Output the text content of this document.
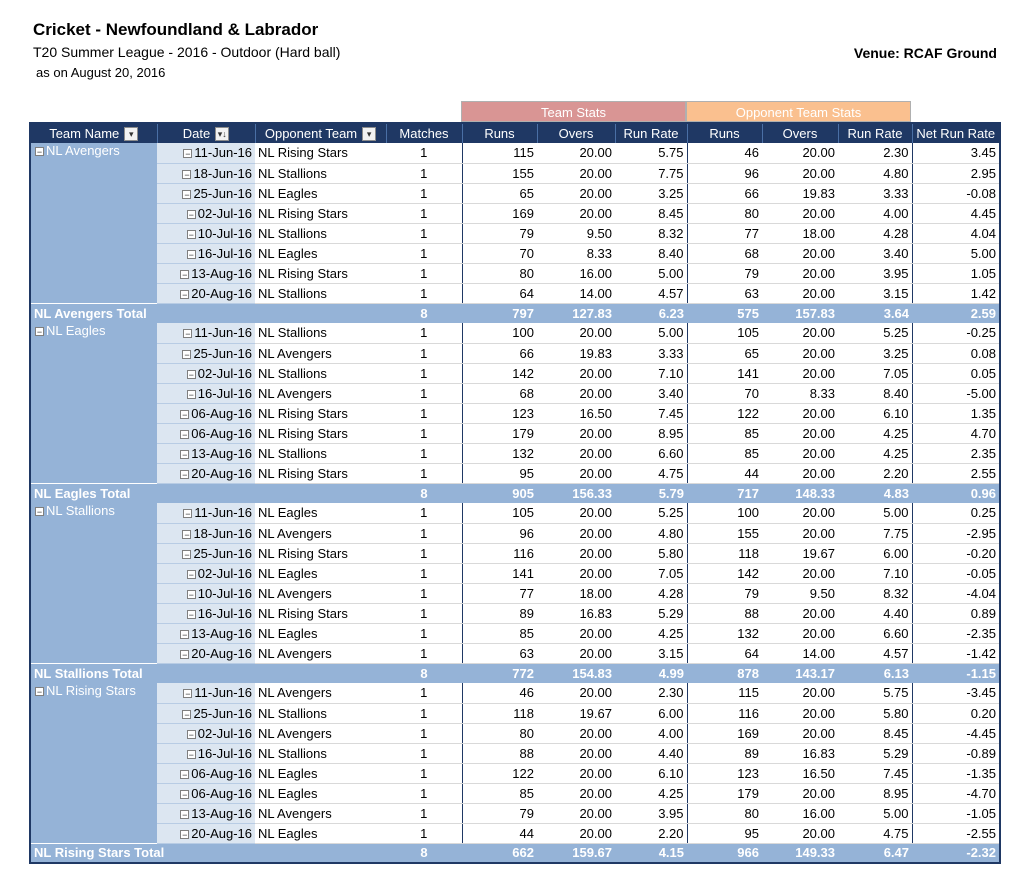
Cricket - Newfoundland & Labrador
T20 Summer League - 2016 - Outdoor (Hard ball)
as on August 20, 2016
Venue: RCAF Ground
Team Stats	Opponent Team Stats
Team Name ▾	Date ▾↓	Opponent Team ▾	Matches	Runs	Overs	Run Rate	Runs	Overs	Run Rate	Net Run Rate
− NL Avengers	− 11-Jun-16	NL Rising Stars	1	115	20.00	5.75	46	20.00	2.30	3.45
	− 18-Jun-16	NL Stallions	1	155	20.00	7.75	96	20.00	4.80	2.95
	− 25-Jun-16	NL Eagles	1	65	20.00	3.25	66	19.83	3.33	-0.08
	− 02-Jul-16	NL Rising Stars	1	169	20.00	8.45	80	20.00	4.00	4.45
	− 10-Jul-16	NL Stallions	1	79	9.50	8.32	77	18.00	4.28	4.04
	− 16-Jul-16	NL Eagles	1	70	8.33	8.40	68	20.00	3.40	5.00
	− 13-Aug-16	NL Rising Stars	1	80	16.00	5.00	79	20.00	3.95	1.05
	− 20-Aug-16	NL Stallions	1	64	14.00	4.57	63	20.00	3.15	1.42
NL Avengers Total			8	797	127.83	6.23	575	157.83	3.64	2.59
− NL Eagles	− 11-Jun-16	NL Stallions	1	100	20.00	5.00	105	20.00	5.25	-0.25
	− 25-Jun-16	NL Avengers	1	66	19.83	3.33	65	20.00	3.25	0.08
	− 02-Jul-16	NL Stallions	1	142	20.00	7.10	141	20.00	7.05	0.05
	− 16-Jul-16	NL Avengers	1	68	20.00	3.40	70	8.33	8.40	-5.00
	− 06-Aug-16	NL Rising Stars	1	123	16.50	7.45	122	20.00	6.10	1.35
	− 06-Aug-16	NL Rising Stars	1	179	20.00	8.95	85	20.00	4.25	4.70
	− 13-Aug-16	NL Stallions	1	132	20.00	6.60	85	20.00	4.25	2.35
	− 20-Aug-16	NL Rising Stars	1	95	20.00	4.75	44	20.00	2.20	2.55
NL Eagles Total			8	905	156.33	5.79	717	148.33	4.83	0.96
− NL Stallions	− 11-Jun-16	NL Eagles	1	105	20.00	5.25	100	20.00	5.00	0.25
	− 18-Jun-16	NL Avengers	1	96	20.00	4.80	155	20.00	7.75	-2.95
	− 25-Jun-16	NL Rising Stars	1	116	20.00	5.80	118	19.67	6.00	-0.20
	− 02-Jul-16	NL Eagles	1	141	20.00	7.05	142	20.00	7.10	-0.05
	− 10-Jul-16	NL Avengers	1	77	18.00	4.28	79	9.50	8.32	-4.04
	− 16-Jul-16	NL Rising Stars	1	89	16.83	5.29	88	20.00	4.40	0.89
	− 13-Aug-16	NL Eagles	1	85	20.00	4.25	132	20.00	6.60	-2.35
	− 20-Aug-16	NL Avengers	1	63	20.00	3.15	64	14.00	4.57	-1.42
NL Stallions Total			8	772	154.83	4.99	878	143.17	6.13	-1.15
− NL Rising Stars	− 11-Jun-16	NL Avengers	1	46	20.00	2.30	115	20.00	5.75	-3.45
	− 25-Jun-16	NL Stallions	1	118	19.67	6.00	116	20.00	5.80	0.20
	− 02-Jul-16	NL Avengers	1	80	20.00	4.00	169	20.00	8.45	-4.45
	− 16-Jul-16	NL Stallions	1	88	20.00	4.40	89	16.83	5.29	-0.89
	− 06-Aug-16	NL Eagles	1	122	20.00	6.10	123	16.50	7.45	-1.35
	− 06-Aug-16	NL Eagles	1	85	20.00	4.25	179	20.00	8.95	-4.70
	− 13-Aug-16	NL Avengers	1	79	20.00	3.95	80	16.00	5.00	-1.05
	− 20-Aug-16	NL Eagles	1	44	20.00	2.20	95	20.00	4.75	-2.55
NL Rising Stars Total			8	662	159.67	4.15	966	149.33	6.47	-2.32
